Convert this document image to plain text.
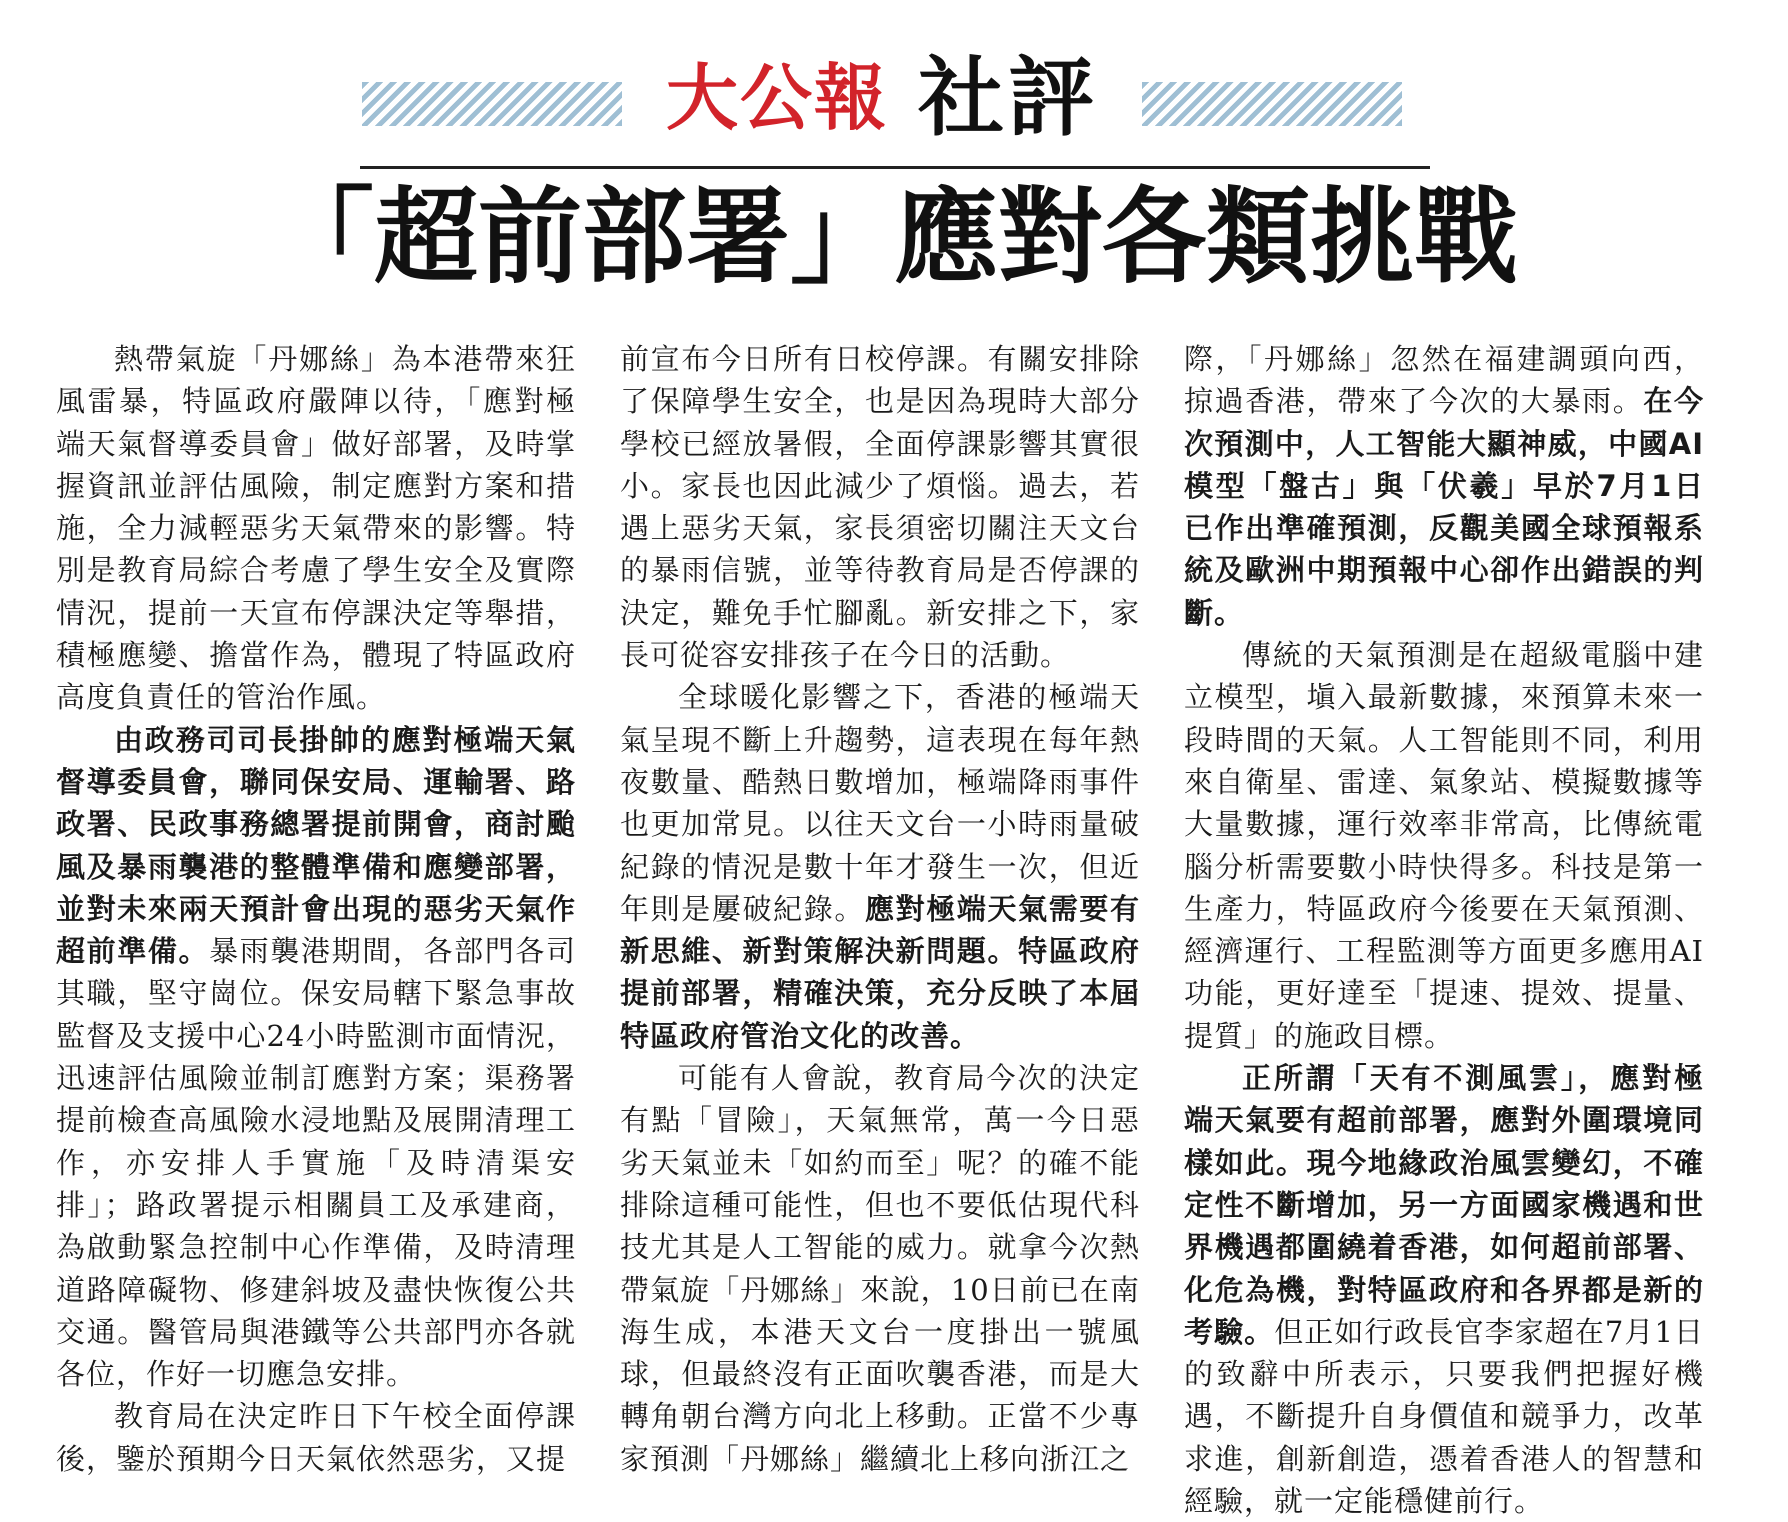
大公報 社評
「超前部署」應對各類挑戰

熱帶氣旋「丹娜絲」為本港帶來狂風雷暴，特區政府嚴陣以待，「應對極端天氣督導委員會」做好部署，及時掌握資訊並評估風險，制定應對方案和措施，全力減輕惡劣天氣帶來的影響。特別是教育局綜合考慮了學生安全及實際情況，提前一天宣布停課決定等舉措，積極應變、擔當作為，體現了特區政府高度負責任的管治作風。

由政務司司長掛帥的應對極端天氣督導委員會，聯同保安局、運輸署、路政署、民政事務總署提前開會，商討颱風及暴雨襲港的整體準備和應變部署，並對未來兩天預計會出現的惡劣天氣作超前準備。暴雨襲港期間，各部門各司其職，堅守崗位。保安局轄下緊急事故監督及支援中心24小時監測市面情況，迅速評估風險並制訂應對方案；渠務署提前檢查高風險水浸地點及展開清理工作，亦安排人手實施「及時清渠安排」；路政署提示相關員工及承建商，為啟動緊急控制中心作準備，及時清理道路障礙物、修建斜坡及盡快恢復公共交通。醫管局與港鐵等公共部門亦各就各位，作好一切應急安排。

教育局在決定昨日下午校全面停課後，鑒於預期今日天氣依然惡劣，又提

前宣布今日所有日校停課。有關安排除了保障學生安全，也是因為現時大部分學校已經放暑假，全面停課影響其實很小。家長也因此減少了煩惱。過去，若遇上惡劣天氣，家長須密切關注天文台的暴雨信號，並等待教育局是否停課的決定，難免手忙腳亂。新安排之下，家長可從容安排孩子在今日的活動。

全球暖化影響之下，香港的極端天氣呈現不斷上升趨勢，這表現在每年熱夜數量、酷熱日數增加，極端降雨事件也更加常見。以往天文台一小時雨量破紀錄的情況是數十年才發生一次，但近年則是屢破紀錄。應對極端天氣需要有新思維、新對策解決新問題。特區政府提前部署，精確決策，充分反映了本屆特區政府管治文化的改善。

可能有人會說，教育局今次的決定有點「冒險」，天氣無常，萬一今日惡劣天氣並未「如約而至」呢？的確不能排除這種可能性，但也不要低估現代科技尤其是人工智能的威力。就拿今次熱帶氣旋「丹娜絲」來說，10日前已在南海生成，本港天文台一度掛出一號風球，但最終沒有正面吹襲香港，而是大轉角朝台灣方向北上移動。正當不少專家預測「丹娜絲」繼續北上移向浙江之

際，「丹娜絲」忽然在福建調頭向西，掠過香港，帶來了今次的大暴雨。在今次預測中，人工智能大顯神威，中國AI模型「盤古」與「伏羲」早於7月1日已作出準確預測，反觀美國全球預報系統及歐洲中期預報中心卻作出錯誤的判斷。

傳統的天氣預測是在超級電腦中建立模型，塡入最新數據，來預算未來一段時間的天氣。人工智能則不同，利用來自衛星、雷達、氣象站、模擬數據等大量數據，運行效率非常高，比傳統電腦分析需要數小時快得多。科技是第一生產力，特區政府今後要在天氣預測、經濟運行、工程監測等方面更多應用AI功能，更好達至「提速、提效、提量、提質」的施政目標。

正所謂「天有不測風雲」，應對極端天氣要有超前部署，應對外圍環境同樣如此。現今地緣政治風雲變幻，不確定性不斷增加，另一方面國家機遇和世界機遇都圍繞着香港，如何超前部署、化危為機，對特區政府和各界都是新的考驗。但正如行政長官李家超在7月1日的致辭中所表示，只要我們把握好機遇，不斷提升自身價值和競爭力，改革求進，創新創造，憑着香港人的智慧和經驗，就一定能穩健前行。
